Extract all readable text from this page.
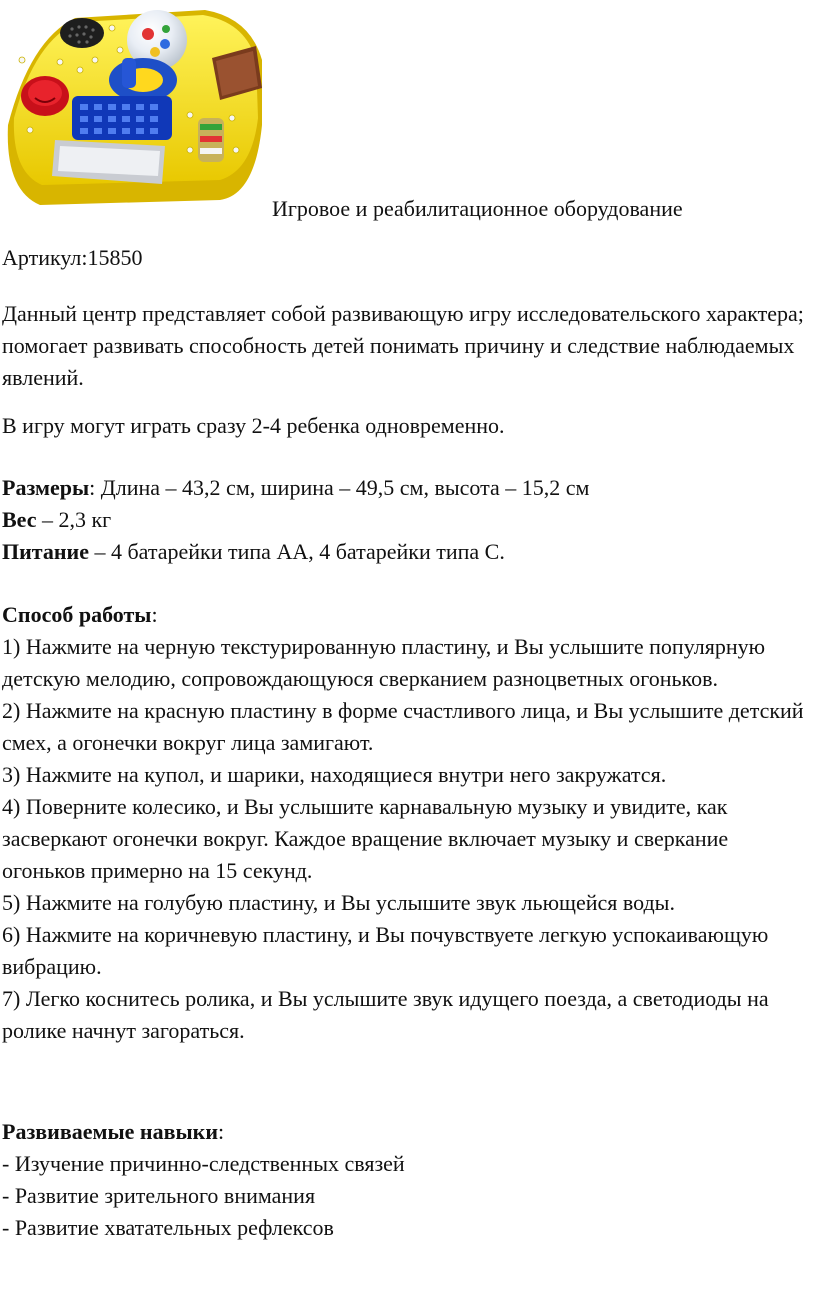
Игровое и реабилитационное оборудование
Артикул:15850

Данный центр представляет собой развивающую игру исследовательского характера; помогает развивать способность детей понимать причину и следствие наблюдаемых явлений.

В игру могут играть сразу 2-4 ребенка одновременно.

Размеры: Длина – 43,2 см, ширина – 49,5 см, высота – 15,2 см

Вес – 2,3 кг

Питание – 4 батарейки типа АА, 4 батарейки типа С.

Способ работы:

1) Нажмите на черную текстурированную пластину, и Вы услышите популярную детскую мелодию, сопровождающуюся сверканием разноцветных огоньков.
2) Нажмите на красную пластину в форме счастливого лица, и Вы услышите детский смех, а огонечки вокруг лица замигают.
3) Нажмите на купол, и шарики, находящиеся внутри него закружатся.
4) Поверните колесико, и Вы услышите карнавальную музыку и увидите, как засверкают огонечки вокруг. Каждое вращение включает музыку и сверкание огоньков примерно на 15 секунд.
5) Нажмите на голубую пластину, и Вы услышите звук льющейся воды.
6) Нажмите на коричневую пластину, и Вы почувствуете легкую успокаивающую вибрацию.
7) Легко коснитесь ролика, и Вы услышите звук идущего поезда, а светодиоды на ролике начнут загораться.

Развиваемые навыки:

- Изучение причинно-следственных связей
- Развитие зрительного внимания
- Развитие хватательных рефлексов
